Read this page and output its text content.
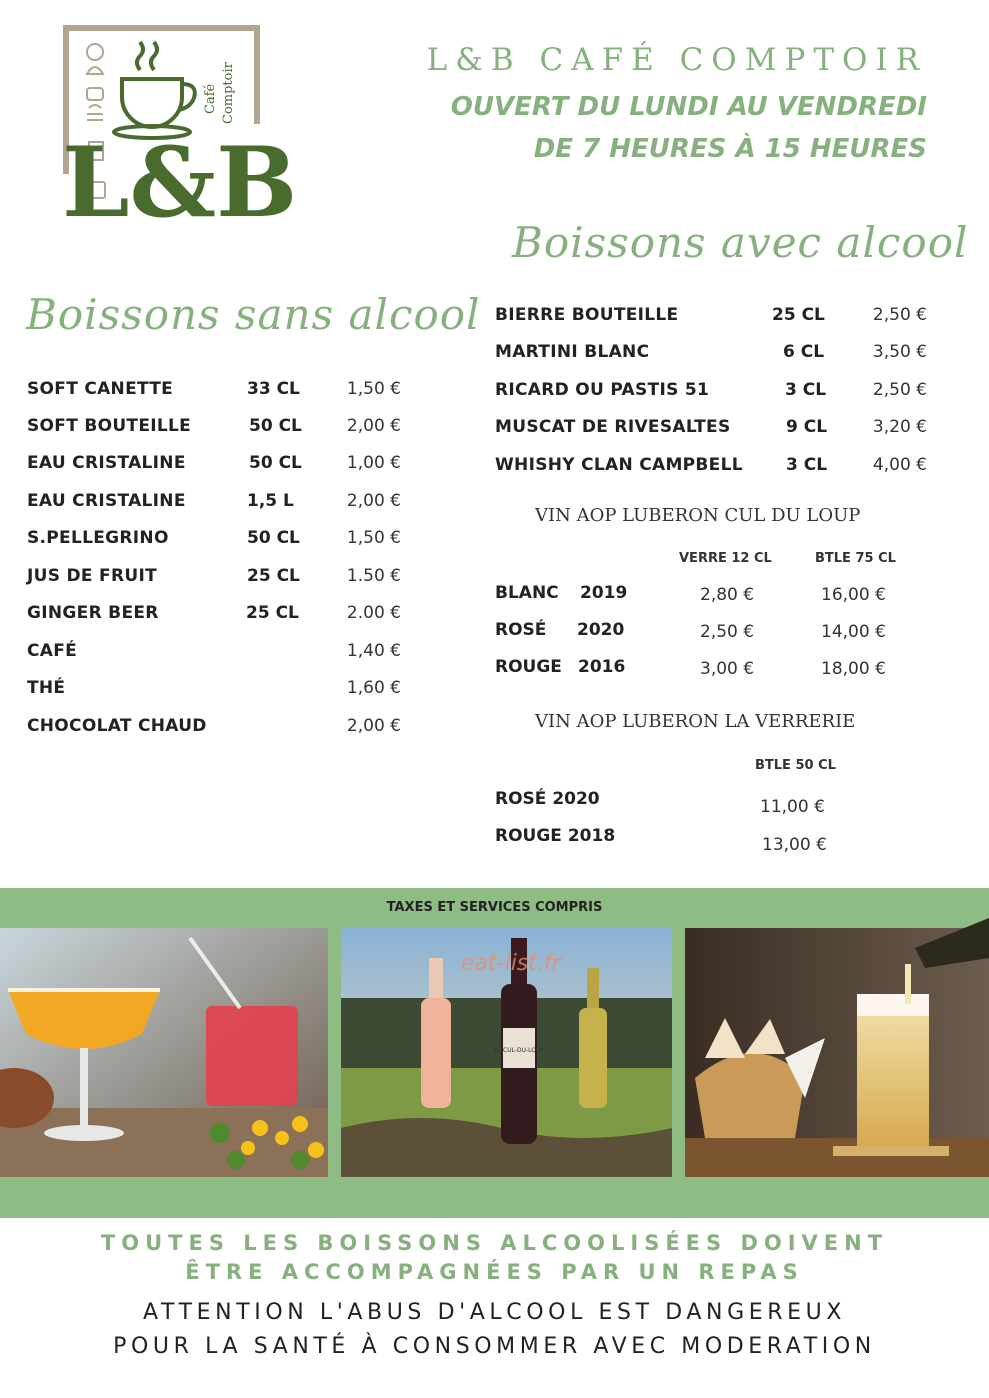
L&B
Café Comptoir
L&B CAFÉ COMPTOIR
OUVERT DU LUNDI AU VENDREDI
DE 7 HEURES À 15 HEURES
Boissons sans alcool
SOFT CANETTE	33 CL	1,50 €
SOFT BOUTEILLE	50 CL	2,00 €
EAU CRISTALINE	50 CL	1,00 €
EAU CRISTALINE	1,5 L	2,00 €
S.PELLEGRINO	50 CL	1,50 €
JUS DE FRUIT	25 CL	1.50 €
GINGER BEER	25 CL	2.00 €
CAFÉ	1,40 €
THÉ	1,60 €
CHOCOLAT CHAUD	2,00 €
Boissons avec alcool
BIERRE BOUTEILLE	25 CL	2,50 €
MARTINI BLANC	6 CL	3,50 €
RICARD OU PASTIS 51	3 CL	2,50 €
MUSCAT DE RIVESALTES	9 CL	3,20 €
WHISHY CLAN CAMPBELL	3 CL	4,00 €
VIN AOP LUBERON CUL DU LOUP
VERRE 12 CL	BTLE 75 CL
BLANC 2019	2,80 €	16,00 €
ROSÉ 2020	2,50 €	14,00 €
ROUGE 2016	3,00 €	18,00 €
VIN AOP LUBERON LA VERRERIE
BTLE 50 CL
ROSÉ 2020	11,00 €
ROUGE 2018	13,00 €
TAXES ET SERVICES COMPRIS
LE CUL-DU-LOUP
eat-list.fr
TOUTES LES BOISSONS ALCOOLISÉES DOIVENT
ÊTRE ACCOMPAGNÉES PAR UN REPAS
ATTENTION L'ABUS D'ALCOOL EST DANGEREUX
POUR LA SANTÉ À CONSOMMER AVEC MODERATION
